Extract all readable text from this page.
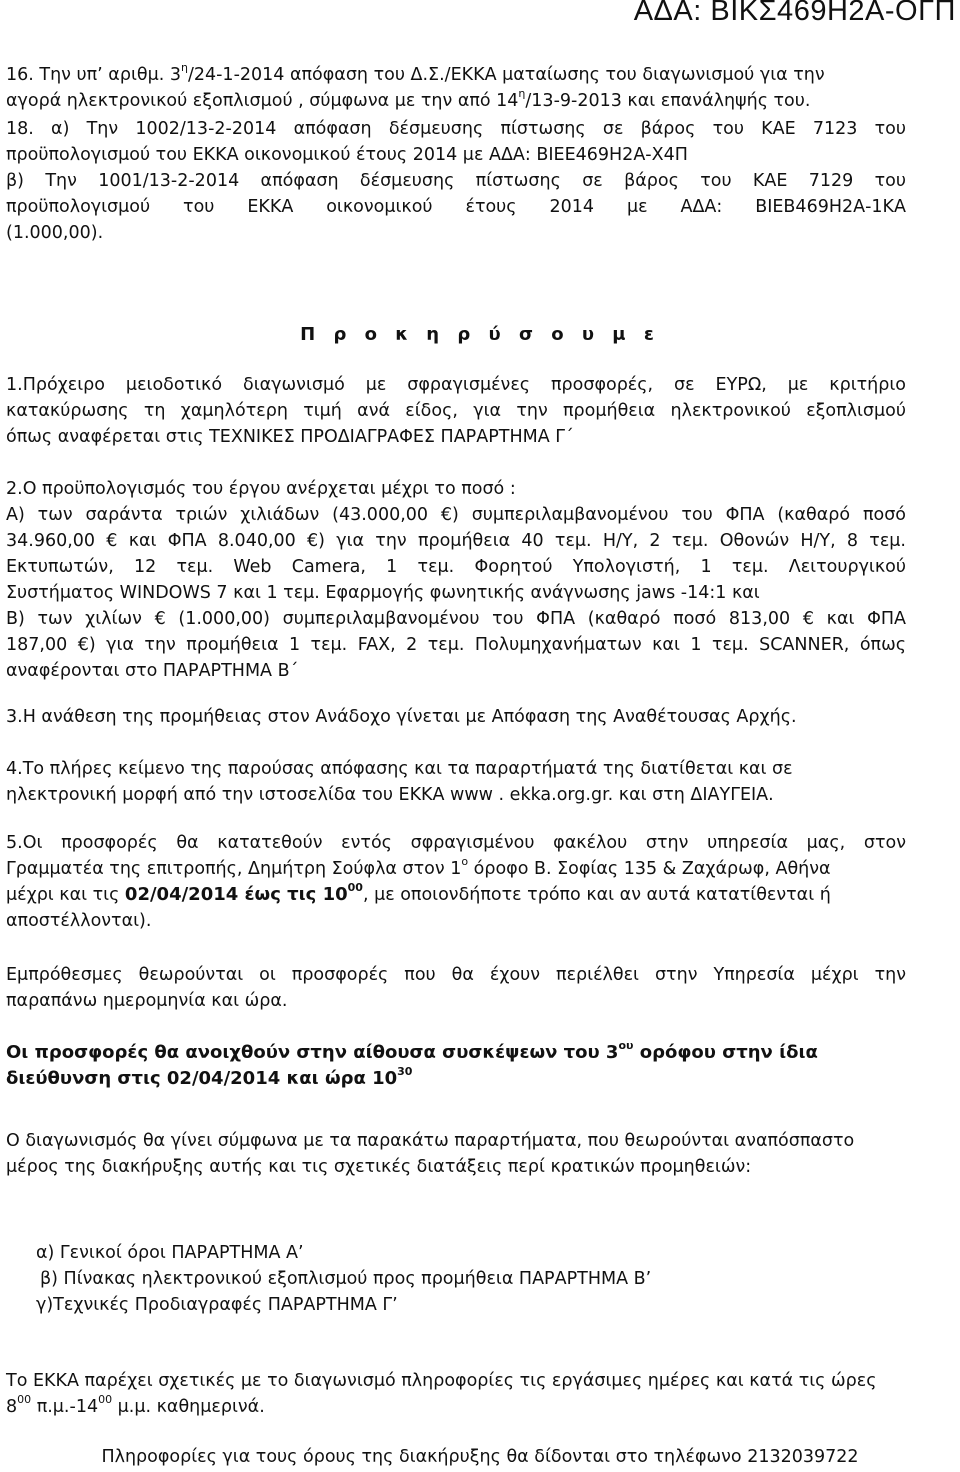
ΑΔΑ: ΒΙΚΣ469Η2Α-ΟΓΠ
16. Την υπ’ αριθμ. $3^\eta/24-1-2014$ απόφαση του Δ.Σ./ΕΚΚΑ ματαίωσης του διαγωνισμού για την
αγορά ηλεκτρονικού εξοπλισμού , σύμφωνα με την από $14^\eta/13-9-2013$ και επανάληψής του.
18. α) Την 1002/13-2-2014 απόφαση δέσμευσης πίστωσης σε βάρος του ΚΑΕ 7123 του
προϋπολογισμού του ΕΚΚΑ οικονομικού έτους 2014 με ΑΔΑ: ΒΙΕΕ469Η2Α-Χ4Π
β) Την 1001/13-2-2014 απόφαση δέσμευσης πίστωσης σε βάρος του ΚΑΕ 7129 του
προϋπολογισμού του ΕΚΚΑ οικονομικού έτους 2014 με ΑΔΑ: ΒΙΕΒ469Η2Α-1ΚΑ
(1.000,00).
Π ρ ο κ η ρ ύ σ ο υ μ ε
1.Πρόχειρο μειοδοτικό διαγωνισμό με σφραγισμένες προσφορές, σε ΕΥΡΩ, με κριτήριο
κατακύρωσης τη χαμηλότερη τιμή ανά είδος, για την προμήθεια ηλεκτρονικού εξοπλισμού
όπως αναφέρεται στις ΤΕΧΝΙΚΕΣ ΠΡΟΔΙΑΓΡΑΦΕΣ ΠΑΡΑΡΤΗΜΑ Γ΄
2.Ο προϋπολογισμός του έργου ανέρχεται μέχρι το ποσό :
Α) των σαράντα τριών χιλιάδων (43.000,00 €) συμπεριλαμβανομένου του ΦΠΑ (καθαρό ποσό
34.960,00 € και ΦΠΑ 8.040,00 €) για την προμήθεια 40 τεμ. Η/Υ, 2 τεμ. Οθονών Η/Υ, 8 τεμ.
Εκτυπωτών, 12 τεμ. Web Camera, 1 τεμ. Φορητού Υπολογιστή, 1 τεμ. Λειτουργικού
Συστήματος WINDOWS 7 και 1 τεμ. Εφαρμογής φωνητικής ανάγνωσης jaws -14:1 και
Β) των χιλίων € (1.000,00) συμπεριλαμβανομένου του ΦΠΑ (καθαρό ποσό 813,00 € και ΦΠΑ
187,00 €) για την προμήθεια 1 τεμ. FAX, 2 τεμ. Πολυμηχανήματων και 1 τεμ. SCANNER, όπως
αναφέρονται στο ΠΑΡΑΡΤΗΜΑ Β΄
3.Η ανάθεση της προμήθειας στον Ανάδοχο γίνεται με Απόφαση της Αναθέτουσας Αρχής.
4.Το πλήρες κείμενο της παρούσας απόφασης και τα παραρτήματά της διατίθεται και σε
ηλεκτρονική μορφή από την ιστοσελίδα του ΕΚΚΑ www . ekka.org.gr. και στη ΔΙΑΥΓΕΙΑ.
5.Οι προσφορές θα κατατεθούν εντός σφραγισμένου φακέλου στην υπηρεσία μας, στον
Γραμματέα της επιτροπής, Δημήτρη Σούφλα στον $1^o$ όροφο Β. Σοφίας 135 & Ζαχάρωφ, Αθήνα
μέχρι και τις 02/04/2014 έως τις $10^{00}$, με οποιονδήποτε τρόπο και αν αυτά κατατίθενται ή
αποστέλλονται).
Εμπρόθεσμες θεωρούνται οι προσφορές που θα έχουν περιέλθει στην Υπηρεσία μέχρι την
παραπάνω ημερομηνία και ώρα.
Οι προσφορές θα ανοιχθούν στην αίθουσα συσκέψεων του $3^{o\upsilon}$ ορόφου στην ίδια
διεύθυνση στις 02/04/2014 και ώρα $10^{30}$
Ο διαγωνισμός θα γίνει σύμφωνα με τα παρακάτω παραρτήματα, που θεωρούνται αναπόσπαστο
μέρος της διακήρυξης αυτής και τις σχετικές διατάξεις περί κρατικών προμηθειών:
α) Γενικοί όροι ΠΑΡΑΡΤΗΜΑ Α’
β) Πίνακας ηλεκτρονικού εξοπλισμού προς προμήθεια ΠΑΡΑΡΤΗΜΑ Β’
γ)Τεχνικές Προδιαγραφές ΠΑΡΑΡΤΗΜΑ Γ’
Το ΕΚΚΑ παρέχει σχετικές με το διαγωνισμό πληροφορίες τις εργάσιμες ημέρες και κατά τις ώρες
$8^{00}$ $\pi.\mu.-14^{00}$ μ.μ. καθημερινά.
Πληροφορίες για τους όρους της διακήρυξης θα δίδονται στο τηλέφωνο 2132039722
